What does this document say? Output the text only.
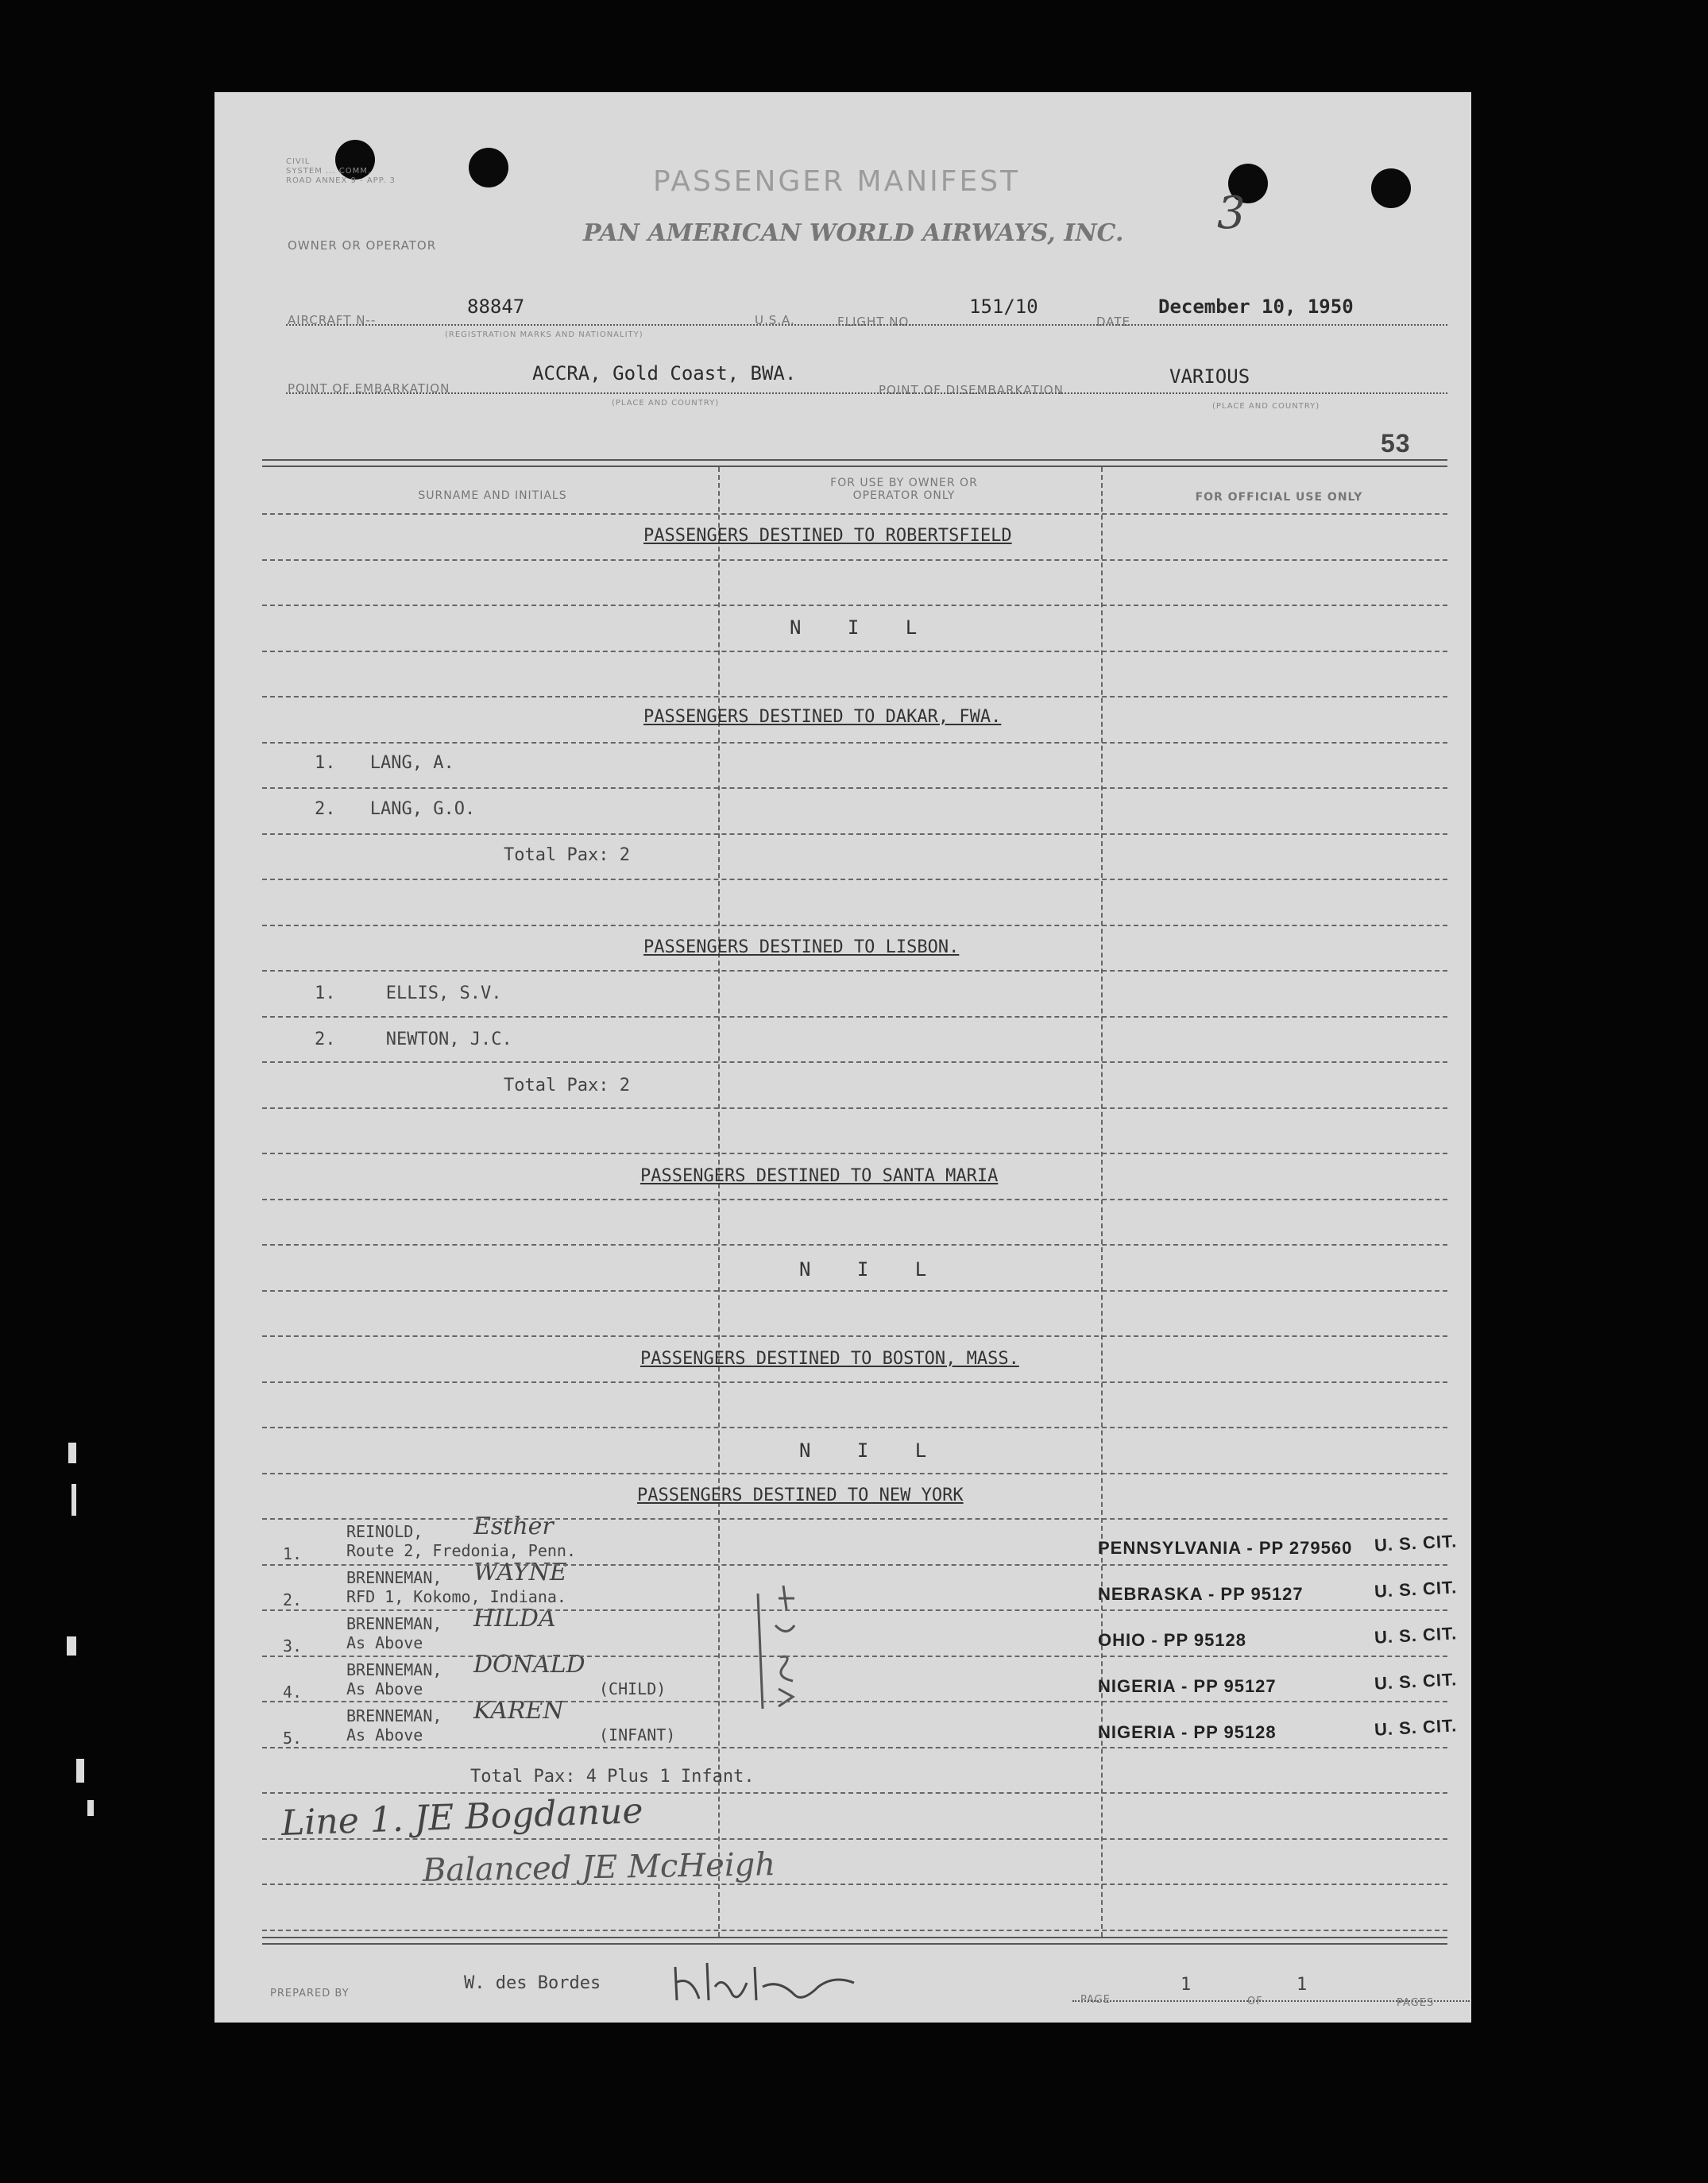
CIVIL
SYSTEM ... COMM.
ROAD ANNEX 9 - APP. 3	PASSENGER MANIFEST
OWNER OR OPERATOR	PAN AMERICAN WORLD AIRWAYS, INC. 3
AIRCRAFT N--
88847
(REGISTRATION MARKS AND NATIONALITY)
U.S.A.	FLIGHT NO.
151/10
DATE
December 10, 1950
POINT OF EMBARKATION
ACCRA, Gold Coast, BWA.
(PLACE AND COUNTRY)
POINT OF DISEMBARKATION
VARIOUS
(PLACE AND COUNTRY)
53
SURNAME AND INITIALS
FOR USE BY OWNER OR OPERATOR ONLY	FOR OFFICIAL USE ONLY
PASSENGERS DESTINED TO ROBERTSFIELD
N I L
PASSENGERS DESTINED TO DAKAR, FWA.
1. LANG, A.
2. LANG, G.O.
Total Pax: 2
PASSENGERS DESTINED TO LISBON.
1.	ELLIS, S.V.
2.	NEWTON, J.C.
Total Pax: 2
PASSENGERS DESTINED TO SANTA MARIA
N I L
PASSENGERS DESTINED TO BOSTON, MASS.
N I L
PASSENGERS DESTINED TO NEW YORK
1.
REINOLD, Esther
Route 2, Fredonia, Penn.	PENNSYLVANIA - PP 279560 U. S. CIT.
2.
BRENNEMAN, WAYNE
RFD 1, Kokomo, Indiana.	NEBRASKA - PP 95127	U. S. CIT.
3.
BRENNEMAN, HILDA
As Above	OHIO - PP 95128	U. S. CIT.
4.
BRENNEMAN, DONALD
As Above	(CHILD)	NIGERIA - PP 95127	U. S. CIT.
5.
BRENNEMAN, KAREN
As Above	(INFANT)	NIGERIA - PP 95128	U. S. CIT.
Total Pax: 4 Plus 1 Infant.
Line 1. JE Bogdanue
Balanced JE McHeigh
PREPARED BY
W. des Bordes
PAGE
1
OF
1
PAGES
